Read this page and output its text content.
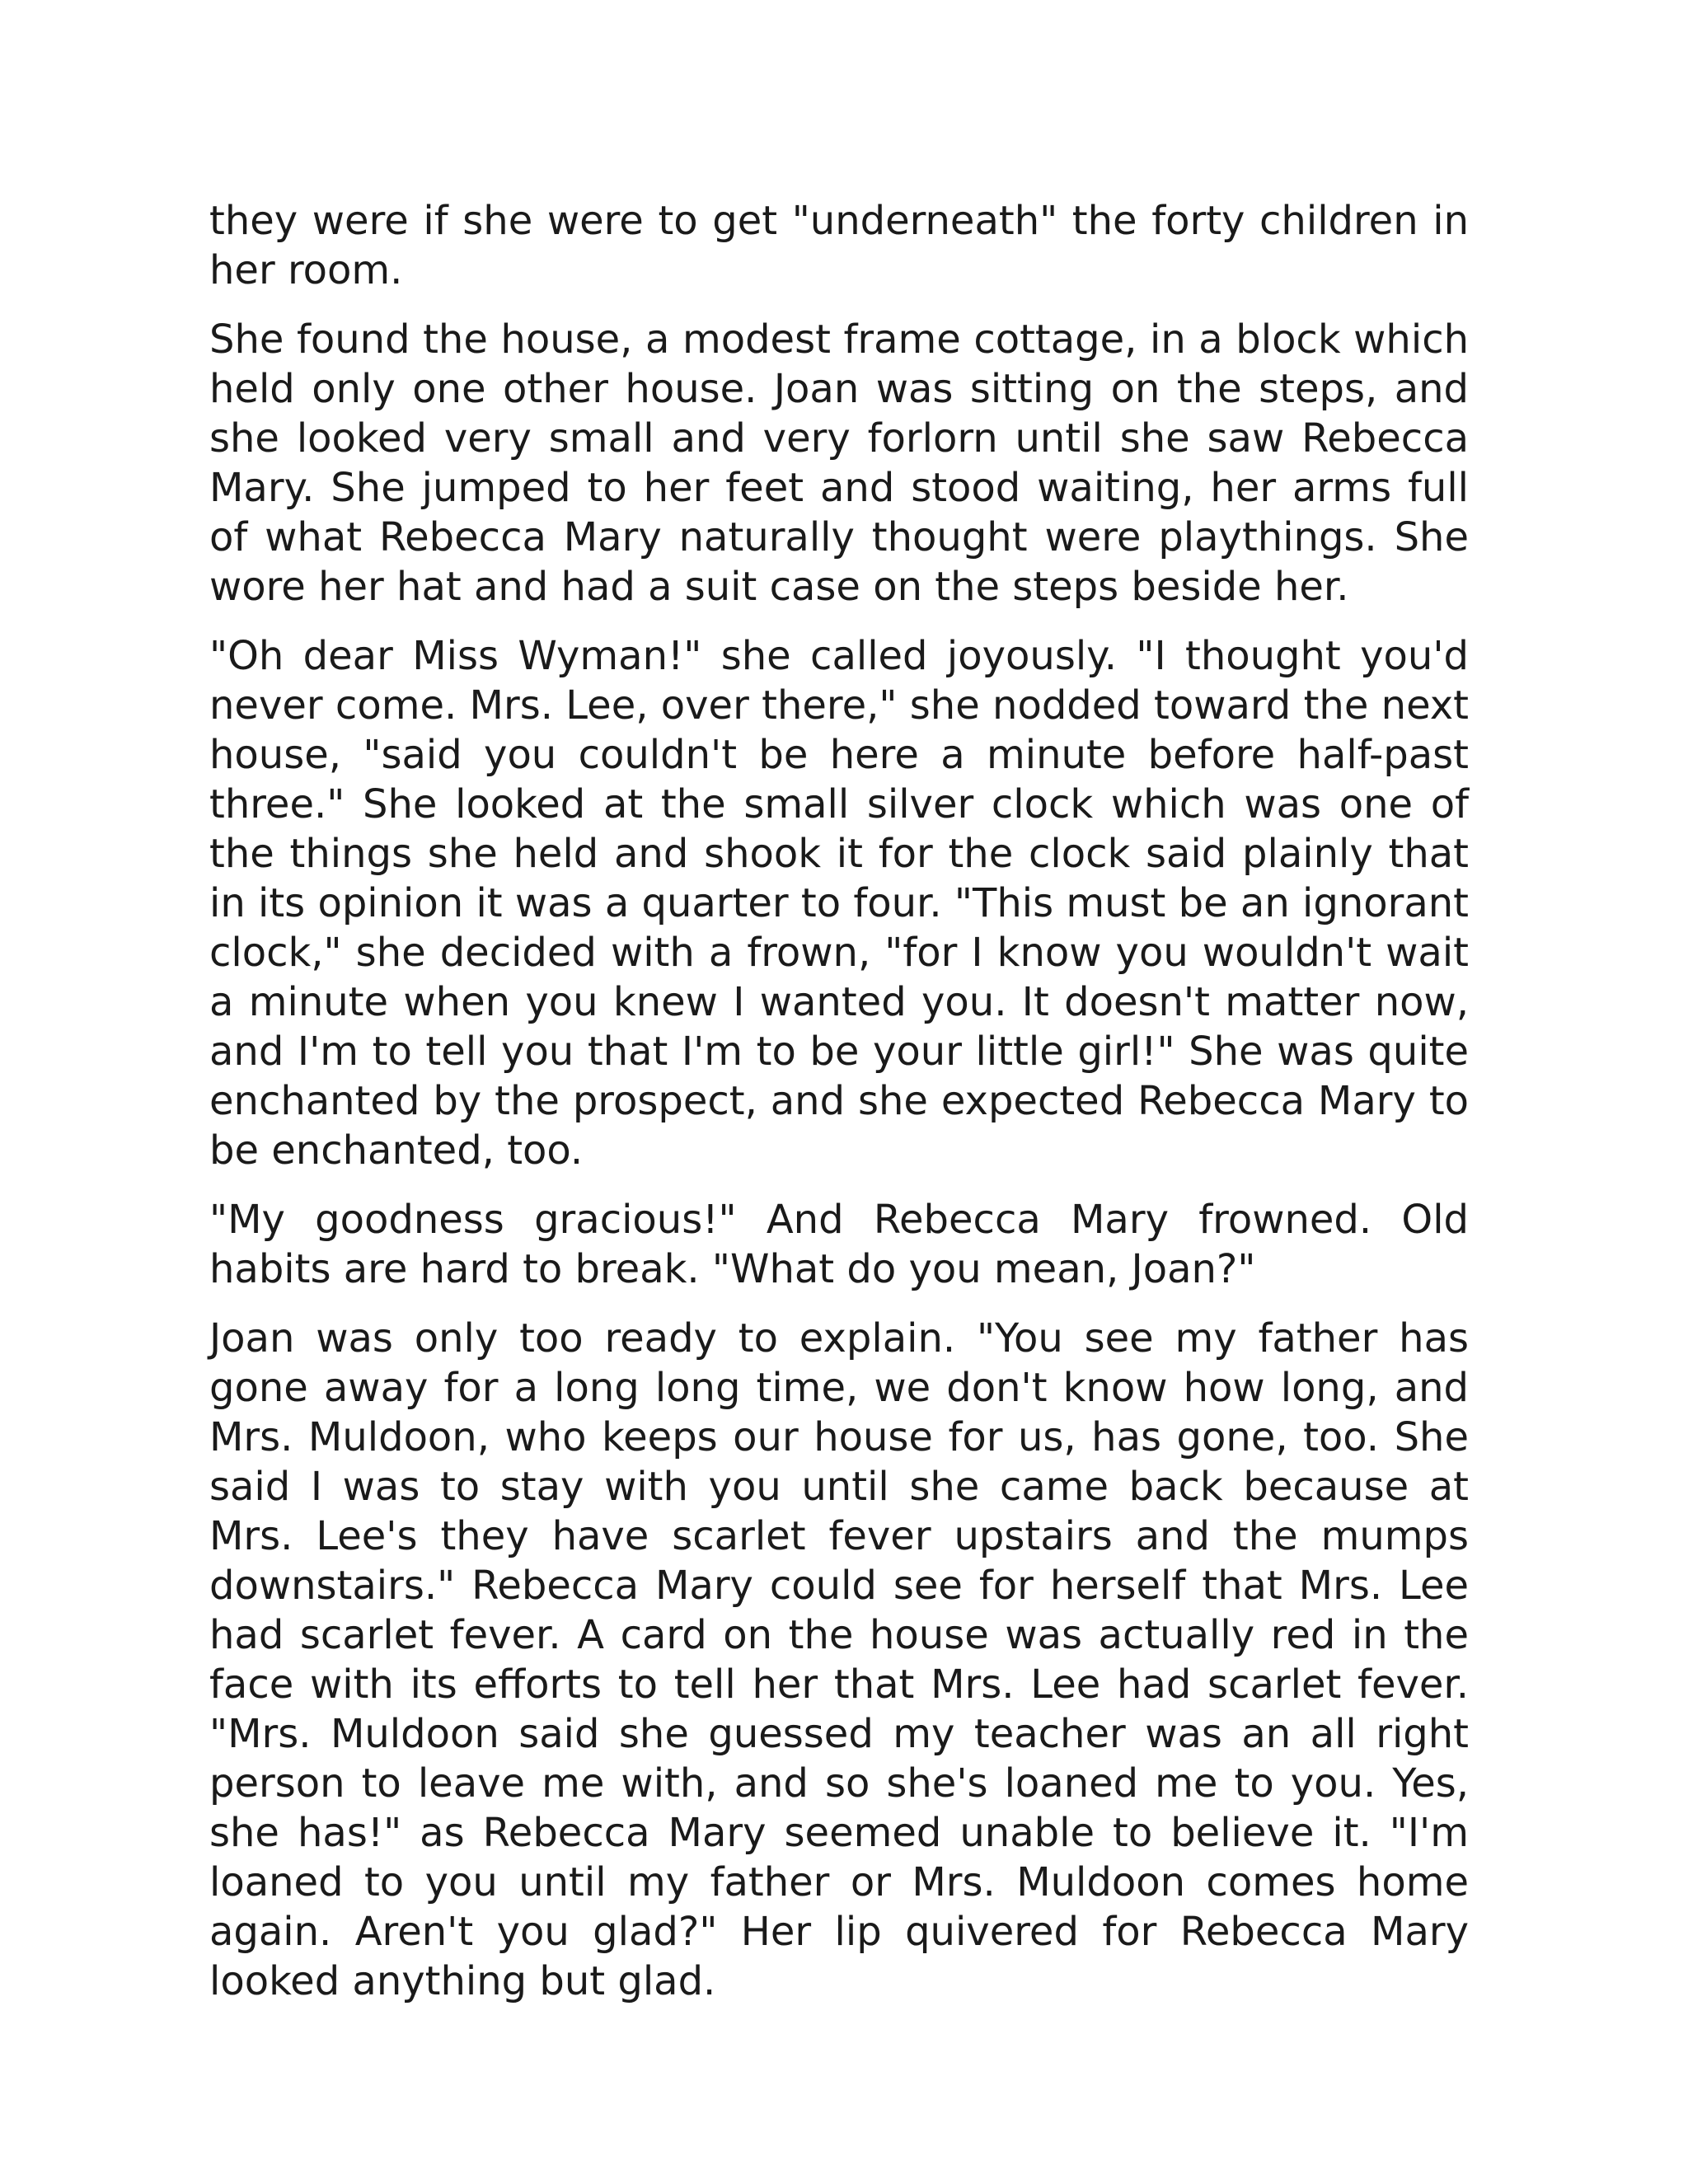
they were if she were to get "underneath" the forty children in her room.

She found the house, a modest frame cottage, in a block which held only one other house. Joan was sitting on the steps, and she looked very small and very forlorn until she saw Rebecca Mary. She jumped to her feet and stood waiting, her arms full of what Rebecca Mary naturally thought were playthings. She wore her hat and had a suit case on the steps beside her.

"Oh dear Miss Wyman!" she called joyously. "I thought you'd never come. Mrs. Lee, over there," she nodded toward the next house, "said you couldn't be here a minute before half-past three." She looked at the small silver clock which was one of the things she held and shook it for the clock said plainly that in its opinion it was a quarter to four. "This must be an ignorant clock," she decided with a frown, "for I know you wouldn't wait a minute when you knew I wanted you. It doesn't matter now, and I'm to tell you that I'm to be your little girl!" She was quite enchanted by the prospect, and she expected Rebecca Mary to be enchanted, too.

"My goodness gracious!" And Rebecca Mary frowned. Old habits are hard to break. "What do you mean, Joan?"

Joan was only too ready to explain. "You see my father has gone away for a long long time, we don't know how long, and Mrs. Muldoon, who keeps our house for us, has gone, too. She said I was to stay with you until she came back because at Mrs. Lee's they have scarlet fever upstairs and the mumps downstairs." Rebecca Mary could see for herself that Mrs. Lee had scarlet fever. A card on the house was actually red in the face with its efforts to tell her that Mrs. Lee had scarlet fever. "Mrs. Muldoon said she guessed my teacher was an all right person to leave me with, and so she's loaned me to you. Yes, she has!" as Rebecca Mary seemed unable to believe it. "I'm loaned to you until my father or Mrs. Muldoon comes home again. Aren't you glad?" Her lip quivered for Rebecca Mary looked anything but glad.
